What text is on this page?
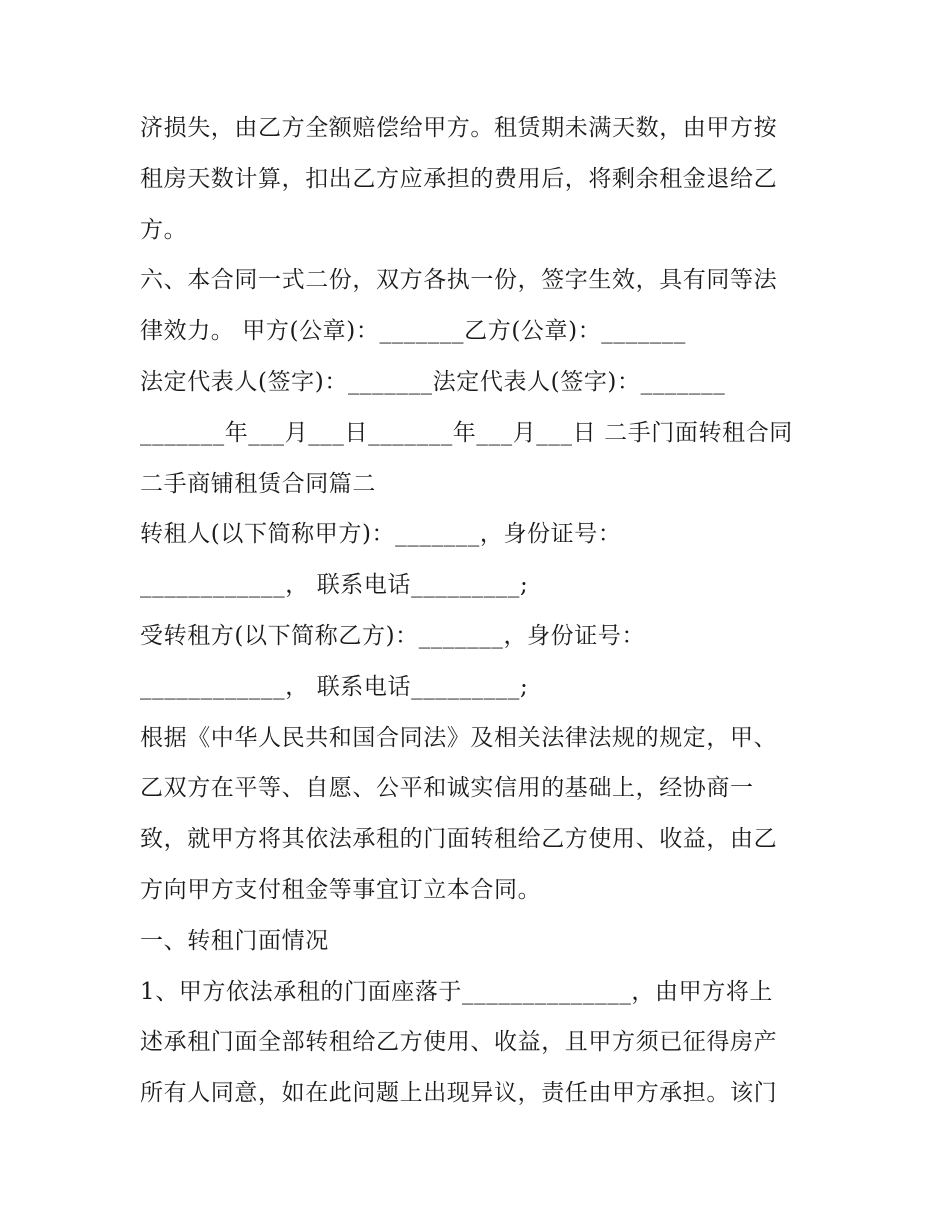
济损失，由乙方全额赔偿给甲方。租赁期未满天数，由甲方按
租房天数计算，扣出乙方应承担的费用后，将剩余租金退给乙
方。
六、本合同一式二份，双方各执一份，签字生效，具有同等法
律效力。 甲方(公章)：_______乙方(公章)：_______
法定代表人(签字)：_______法定代表人(签字)：_______
_______年___月___日_______年___月___日 二手门面转租合同
二手商铺租赁合同篇二
转租人(以下简称甲方)：_______，身份证号：
____________， 联系电话_________;
受转租方(以下简称乙方)：_______，身份证号：
____________， 联系电话_________;
根据《中华人民共和国合同法》及相关法律法规的规定，甲、
乙双方在平等、自愿、公平和诚实信用的基础上，经协商一
致，就甲方将其依法承租的门面转租给乙方使用、收益，由乙
方向甲方支付租金等事宜订立本合同。
一、转租门面情况
1、甲方依法承租的门面座落于______________，由甲方将上
述承租门面全部转租给乙方使用、收益，且甲方须已征得房产
所有人同意，如在此问题上出现异议，责任由甲方承担。该门
